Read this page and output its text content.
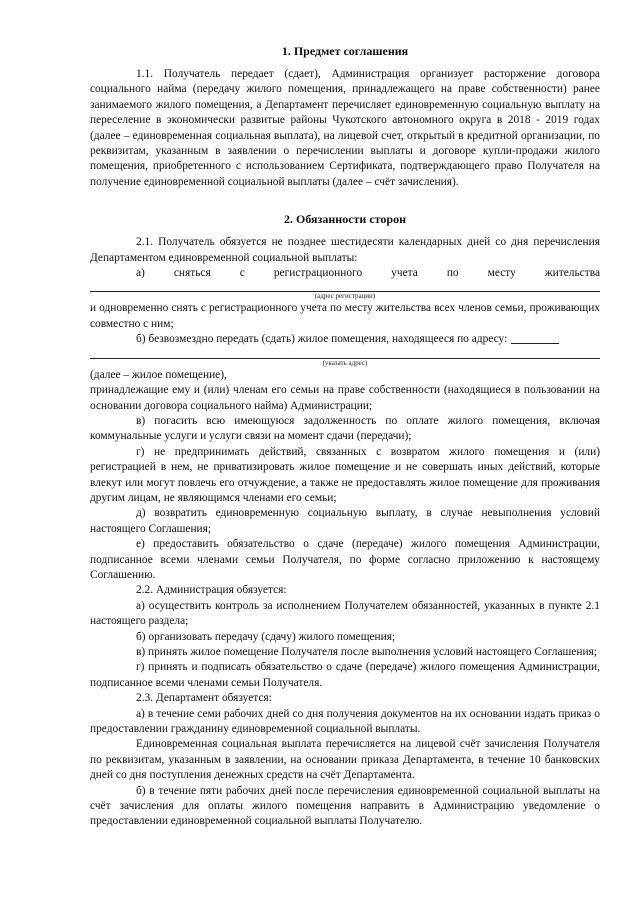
1. Предмет соглашения

1.1. Получатель передает (сдает), Администрация организует расторжение договора социального найма (передачу жилого помещения, принадлежащего на праве собственности) ранее занимаемого жилого помещения, а Департамент перечисляет единовременную социальную выплату на переселение в экономически развитые районы Чукотского автономного округа в 2018 - 2019 годах (далее – единовременная социальная выплата), на лицевой счет, открытый в кредитной организации, по реквизитам, указанным в заявлении о перечислении выплаты и договоре купли-продажи жилого помещения, приобретенного с использованием Сертификата, подтверждающего право Получателя на получение единовременной социальной выплаты (далее – счёт зачисления).

2. Обязанности сторон

2.1. Получатель обязуется не позднее шестидесяти календарных дней со дня перечисления Департаментом единовременной социальной выплаты:

а) сняться с регистрационного учета по месту жительства

(адрес регистрации)

и одновременно снять с регистрационного учета по месту жительства всех членов семьи, проживающих совместно с ним;

б) безвозмездно передать (сдать) жилое помещения, находящееся по адресу:
(указать адрес)

(далее – жилое помещение),

принадлежащие ему и (или) членам его семьи на праве собственности (находящиеся в пользовании на основании договора социального найма) Администрации;

в) погасить всю имеющуюся задолженность по оплате жилого помещения, включая коммунальные услуги и услуги связи на момент сдачи (передачи);

г) не предпринимать действий, связанных с возвратом жилого помещения и (или) регистрацией в нем, не приватизировать жилое помещение и не совершать иных действий, которые влекут или могут повлечь его отчуждение, а также не предоставлять жилое помещение для проживания другим лицам, не являющимся членами его семьи;

д) возвратить единовременную социальную выплату, в случае невыполнения условий настоящего Соглашения;

е) предоставить обязательство о сдаче (передаче) жилого помещения Администрации, подписанное всеми членами семьи Получателя, по форме согласно приложению к настоящему Соглашению.

2.2. Администрация обязуется:

а) осуществить контроль за исполнением Получателем обязанностей, указанных в пункте 2.1 настоящего раздела;

б) организовать передачу (сдачу) жилого помещения;

в) принять жилое помещение Получателя после выполнения условий настоящего Соглашения;

г) принять и подписать обязательство о сдаче (передаче) жилого помещения Администрации, подписанное всеми членами семьи Получателя.

2.3. Департамент обязуется:

а) в течение семи рабочих дней со дня получения документов на их основании издать приказ о предоставлении гражданину единовременной социальной выплаты.

Единовременная социальная выплата перечисляется на лицевой счёт зачисления Получателя по реквизитам, указанным в заявлении, на основании приказа Департамента, в течение 10 банковских дней со дня поступления денежных средств на счёт Департамента.

б) в течение пяти рабочих дней после перечисления единовременной социальной выплаты на счёт зачисления для оплаты жилого помещения направить в Администрацию уведомление о предоставлении единовременной социальной выплаты Получателю.
